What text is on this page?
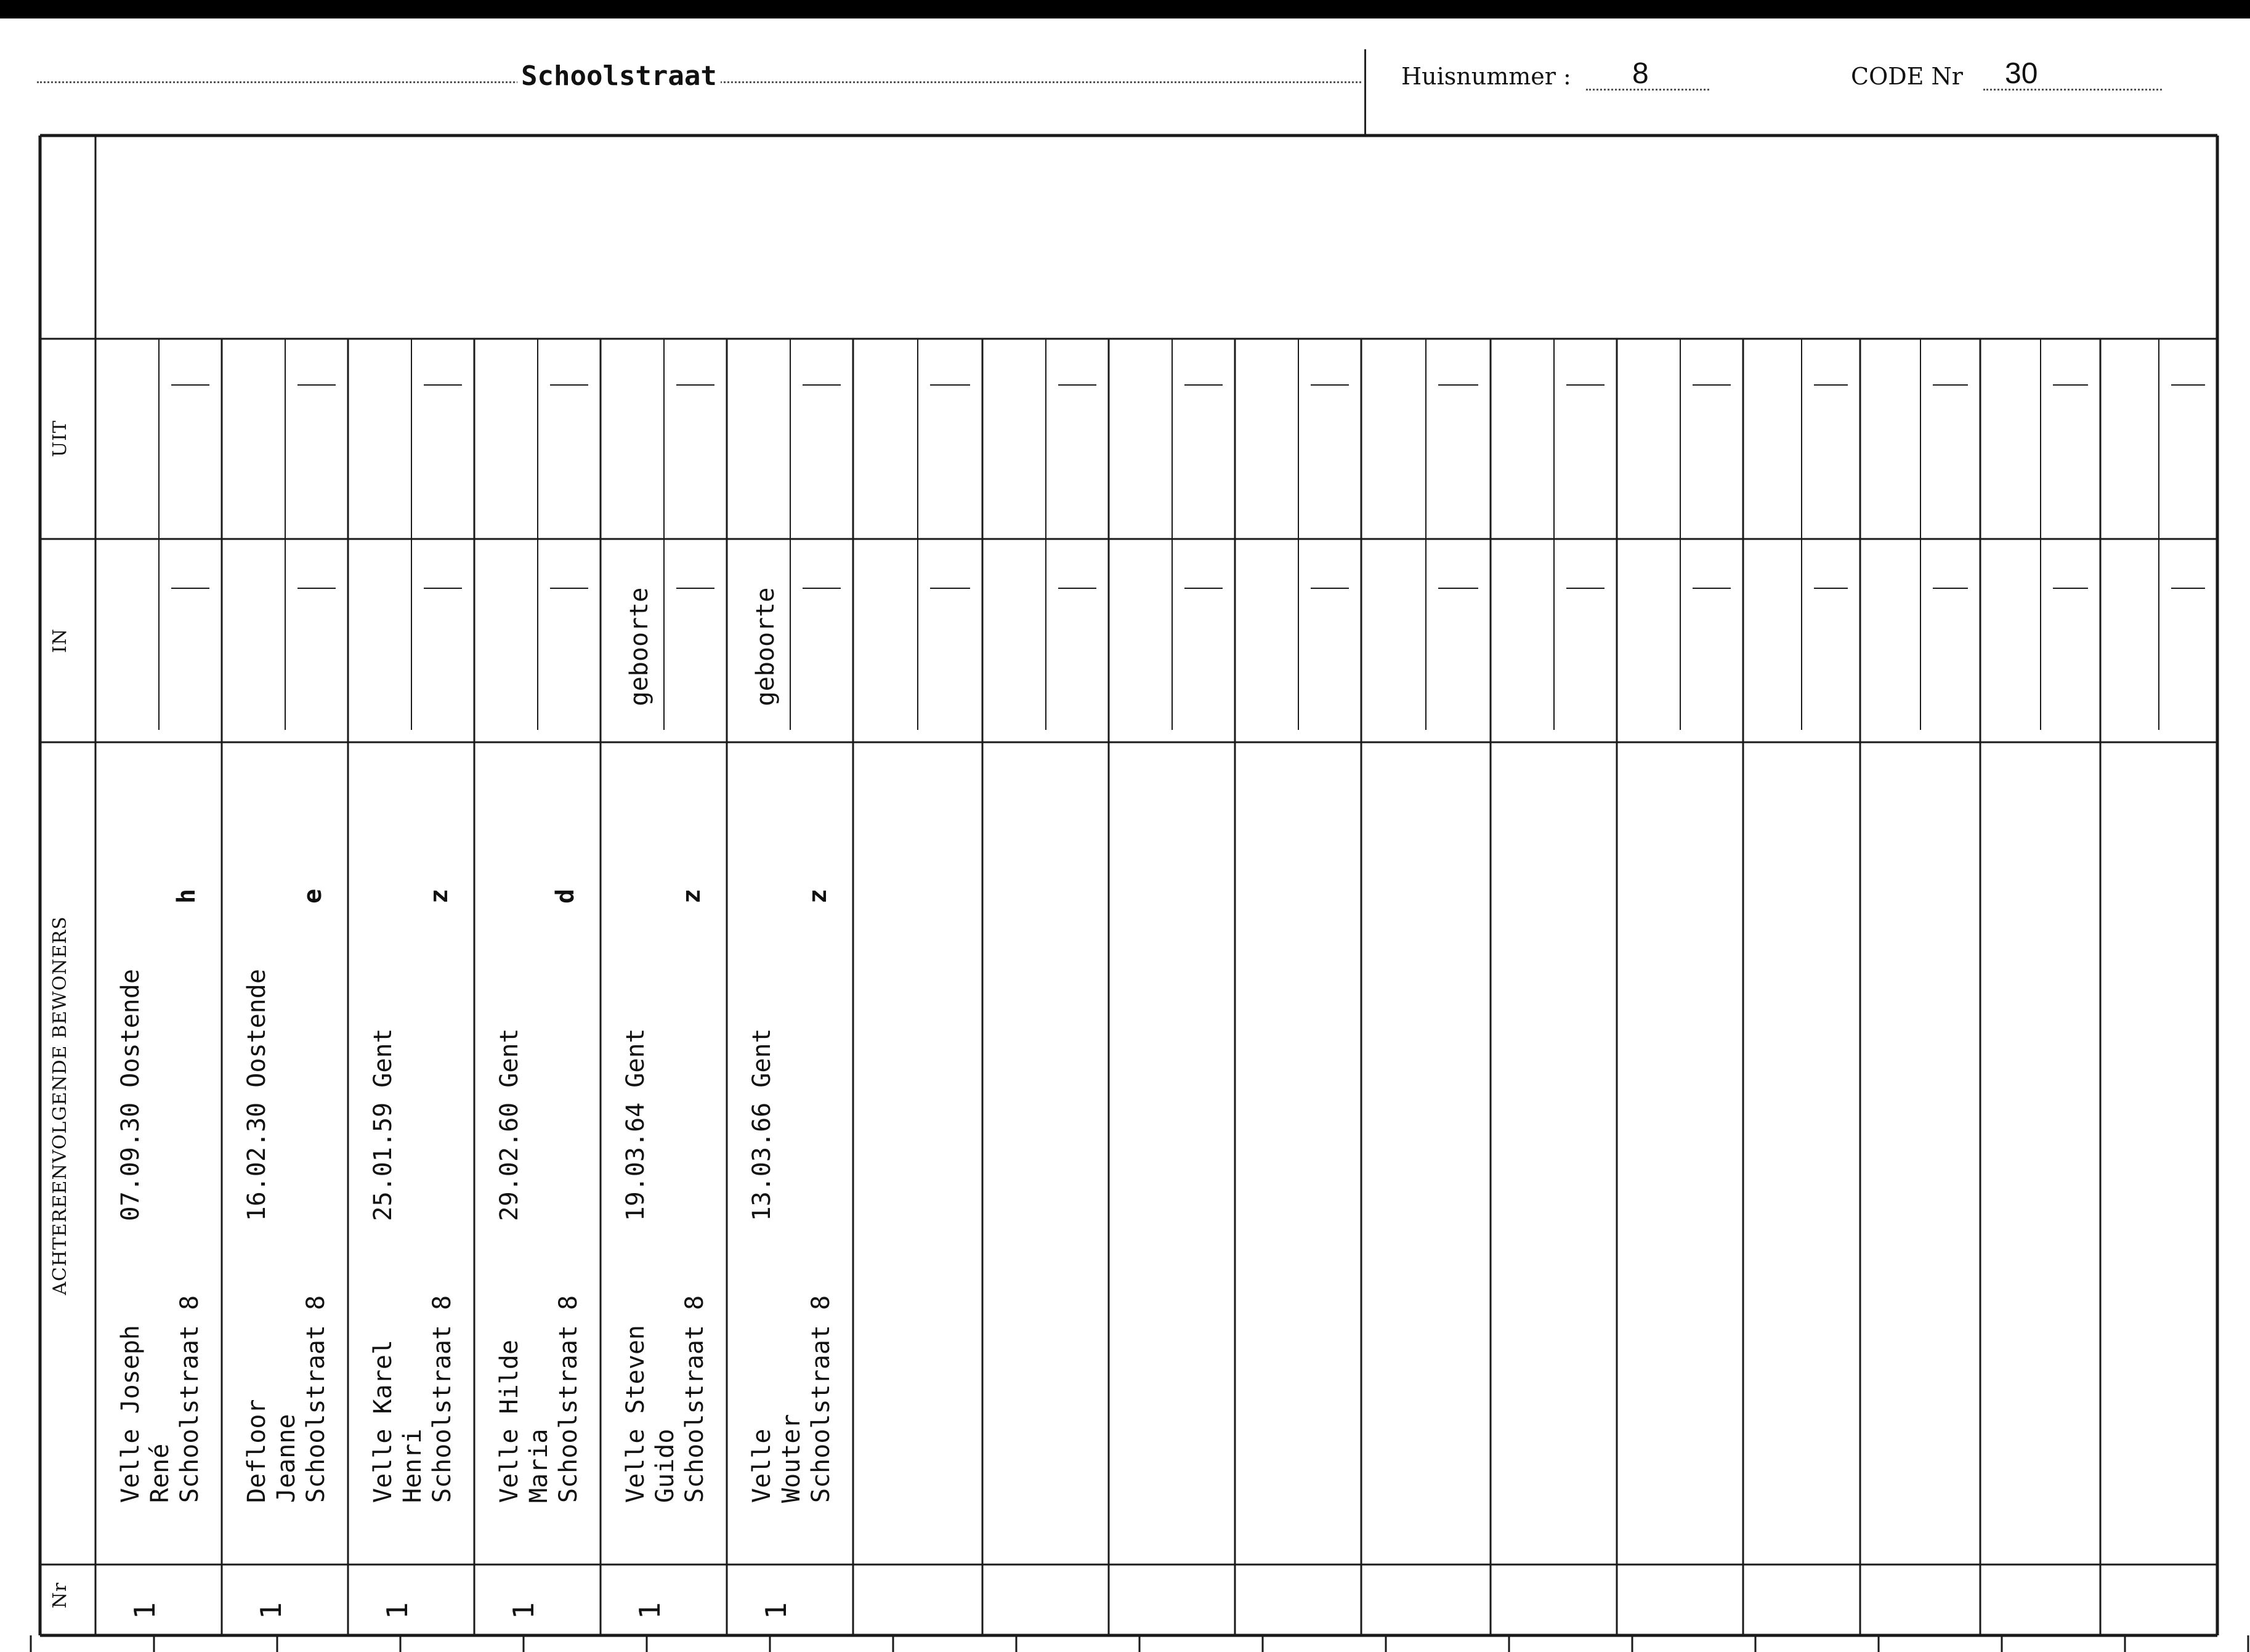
Schoolstraat	Huisnummer : 8	CODE Nr 30
UIT
IN
ACHTEREENVOLGENDE BEWONERS
Nr
Velle Joseph       07.09.30 Oostende René Schoolstraat 8
h
1
Defloor            16.02.30 Oostende Jeanne Schoolstraat 8
e
1
Velle Karel        25.01.59 Gent Henri Schoolstraat 8
z
1
Velle Hilde        29.02.60 Gent Maria Schoolstraat 8
d
1
Velle Steven       19.03.64 Gent Guido Schoolstraat 8
z
1
geboorte
Velle              13.03.66 Gent Wouter Schoolstraat 8
z
1
geboorte
